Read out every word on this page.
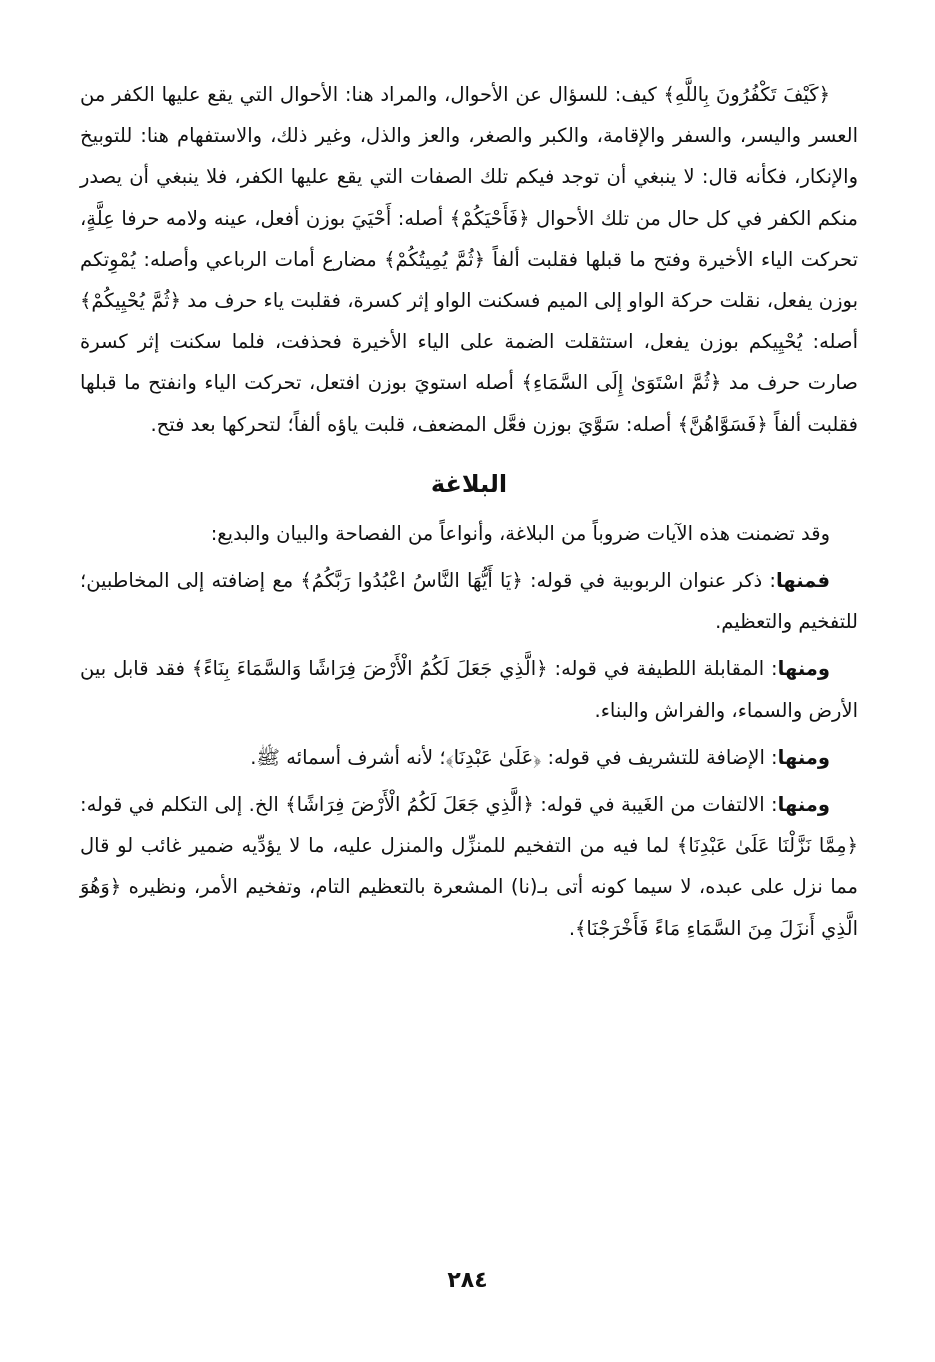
﴿كَيْفَ تَكْفُرُونَ بِاللَّهِ﴾ كيف: للسؤال عن الأحوال، والمراد هنا: الأحوال التي يقع عليها الكفر من العسر واليسر، والسفر والإقامة، والكبر والصغر، والعز والذل، وغير ذلك، والاستفهام هنا: للتوبيخ والإنكار، فكأنه قال: لا ينبغي أن توجد فيكم تلك الصفات التي يقع عليها الكفر، فلا ينبغي أن يصدر منكم الكفر في كل حال من تلك الأحوال ﴿فَأَحْيَكُمْ﴾ أصله: أَحْيَيَ بوزن أفعل، عينه ولامه حرفا عِلَّةٍ، تحركت الياء الأخيرة وفتح ما قبلها فقلبت ألفاً ﴿ثُمَّ يُمِيتُكُمْ﴾ مضارع أمات الرباعي وأصله: يُمْوِتكم بوزن يفعل، نقلت حركة الواو إلى الميم فسكنت الواو إثر كسرة، فقلبت ياء حرف مد ﴿ثُمَّ يُحْيِيكُمْ﴾ أصله: يُحْيِيكم بوزن يفعل، استثقلت الضمة على الياء الأخيرة فحذفت، فلما سكنت إثر كسرة صارت حرف مد ﴿ثُمَّ اسْتَوَىٰ إِلَى السَّمَاءِ﴾ أصله استويَ بوزن افتعل، تحركت الياء وانفتح ما قبلها فقلبت ألفاً ﴿فَسَوَّاهُنَّ﴾ أصله: سَوَّيَ بوزن فعَّل المضعف، قلبت ياؤه ألفاً؛ لتحركها بعد فتح.

البلاغة

وقد تضمنت هذه الآيات ضروباً من البلاغة، وأنواعاً من الفصاحة والبيان والبديع:

فمنها: ذكر عنوان الربوبية في قوله: ﴿يَا أَيُّهَا النَّاسُ اعْبُدُوا رَبَّكُمُ﴾ مع إضافته إلى المخاطبين؛ للتفخيم والتعظيم.

ومنها: المقابلة اللطيفة في قوله: ﴿الَّذِي جَعَلَ لَكُمُ الْأَرْضَ فِرَاشًا وَالسَّمَاءَ بِنَاءً﴾ فقد قابل بين الأرض والسماء، والفراش والبناء.

ومنها: الإضافة للتشريف في قوله: ﴿عَلَىٰ عَبْدِنَا﴾؛ لأنه أشرف أسمائه ﷺ.

ومنها: الالتفات من الغَيبة في قوله: ﴿الَّذِي جَعَلَ لَكُمُ الْأَرْضَ فِرَاشًا﴾ الخ. إلى التكلم في قوله: ﴿مِمَّا نَزَّلْنَا عَلَىٰ عَبْدِنَا﴾ لما فيه من التفخيم للمنزِّل والمنزل عليه، ما لا يؤدِّيه ضمير غائب لو قال مما نزل على عبده، لا سيما كونه أتى بـ(نا) المشعرة بالتعظيم التام، وتفخيم الأمر، ونظيره ﴿وَهُوَ الَّذِي أَنزَلَ مِنَ السَّمَاءِ مَاءً فَأَخْرَجْنَا﴾.

٢٨٤
